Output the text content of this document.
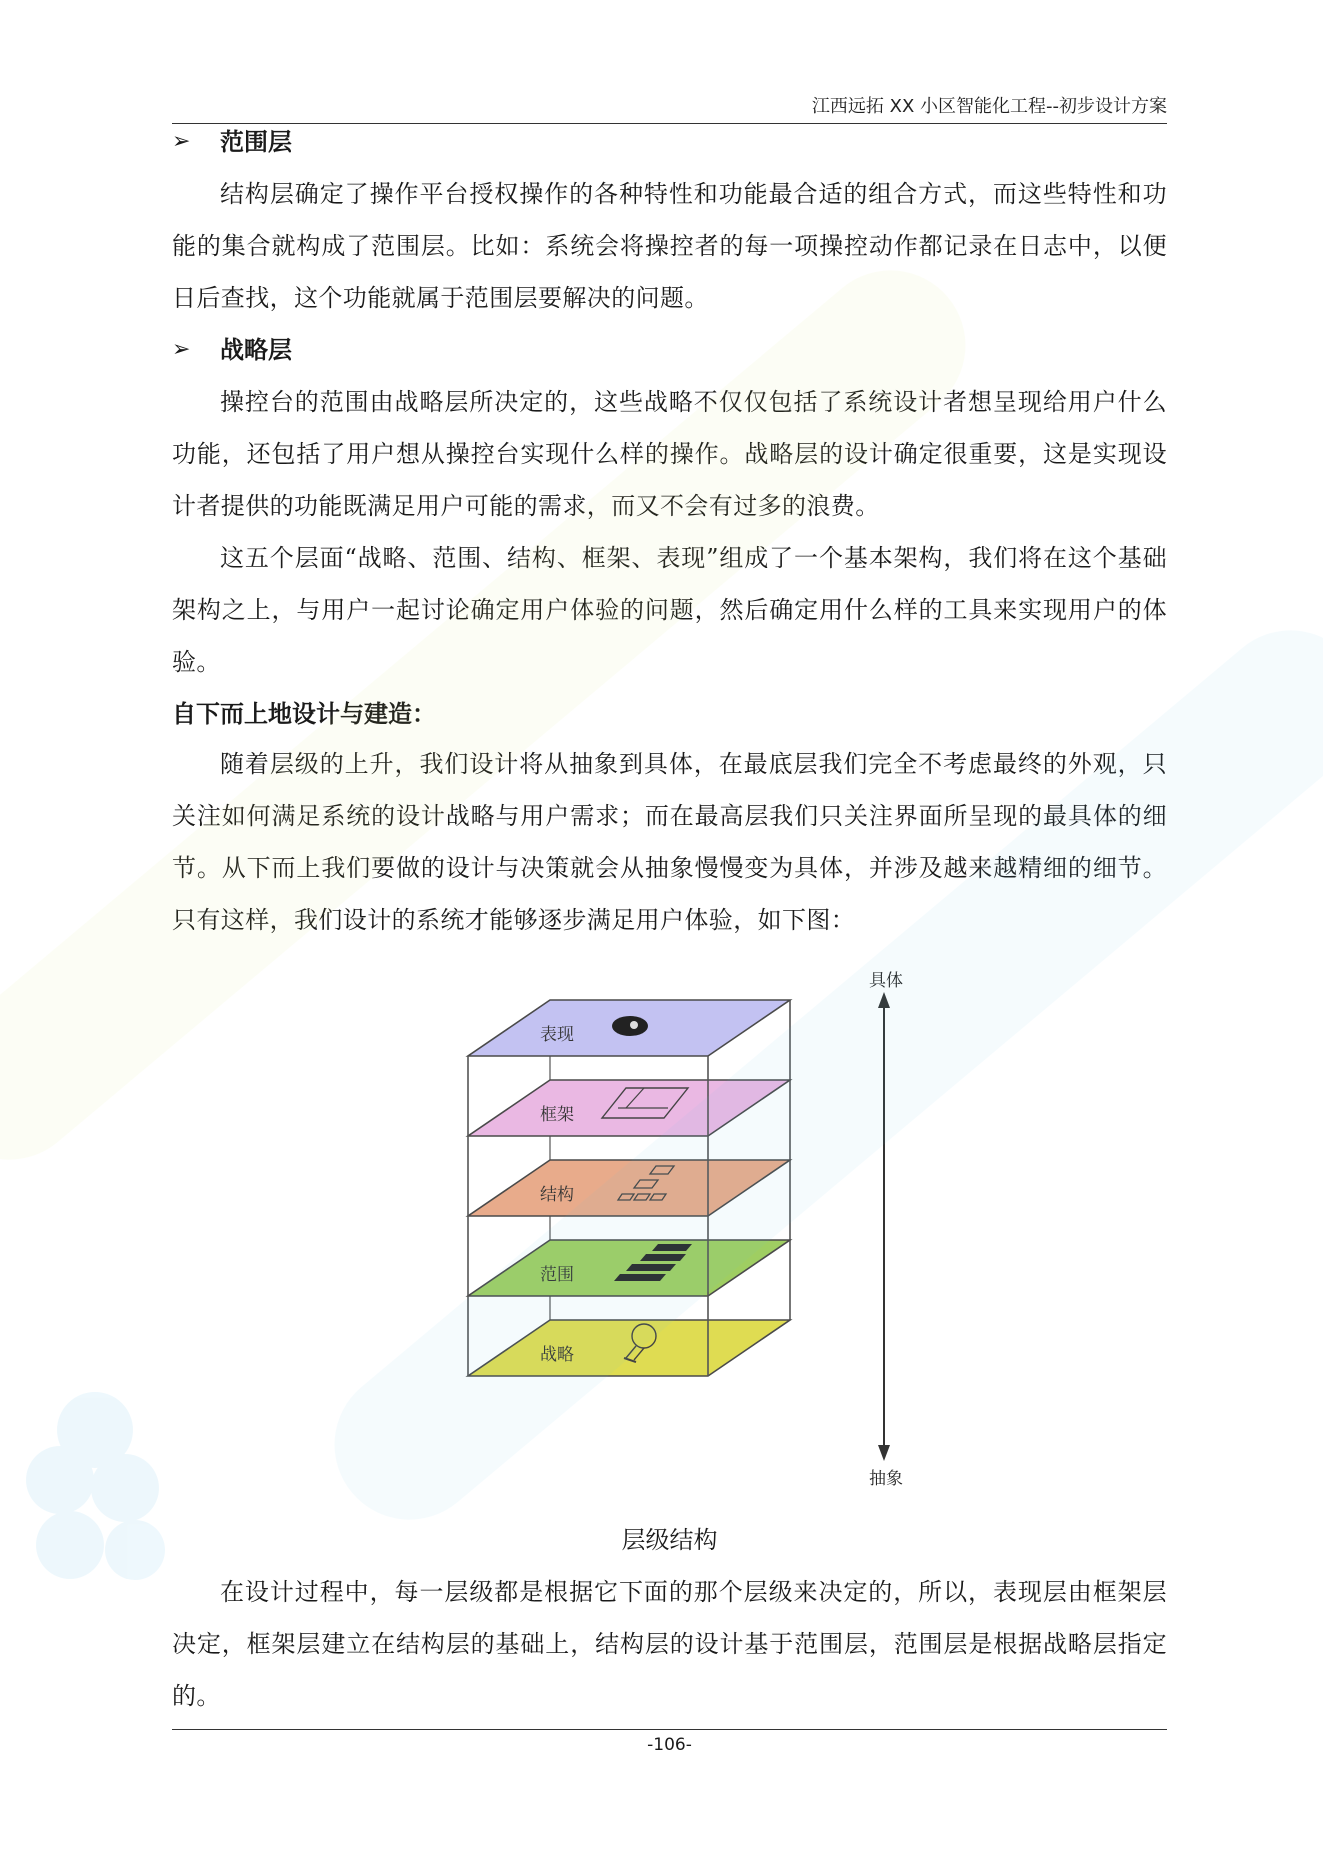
江西远拓 XX 小区智能化工程--初步设计方案
➢	范围层

结构层确定了操作平台授权操作的各种特性和功能最合适的组合方式，而这些特性和功能的集合就构成了范围层。比如：系统会将操控者的每一项操控动作都记录在日志中，以便日后查找，这个功能就属于范围层要解决的问题。

➢	战略层

操控台的范围由战略层所决定的，这些战略不仅仅包括了系统设计者想呈现给用户什么功能，还包括了用户想从操控台实现什么样的操作。战略层的设计确定很重要，这是实现设计者提供的功能既满足用户可能的需求，而又不会有过多的浪费。

这五个层面“战略、范围、结构、框架、表现”组成了一个基本架构，我们将在这个基础架构之上，与用户一起讨论确定用户体验的问题，然后确定用什么样的工具来实现用户的体验。

自下而上地设计与建造：

随着层级的上升，我们设计将从抽象到具体，在最底层我们完全不考虑最终的外观，只关注如何满足系统的设计战略与用户需求；而在最高层我们只关注界面所呈现的最具体的细节。从下而上我们要做的设计与决策就会从抽象慢慢变为具体，并涉及越来越精细的细节。只有这样，我们设计的系统才能够逐步满足用户体验，如下图：

战略
范围
结构
框架
表现
具体
抽象
层级结构

在设计过程中，每一层级都是根据它下面的那个层级来决定的，所以，表现层由框架层决定，框架层建立在结构层的基础上，结构层的设计基于范围层，范围层是根据战略层指定的。

-106-
